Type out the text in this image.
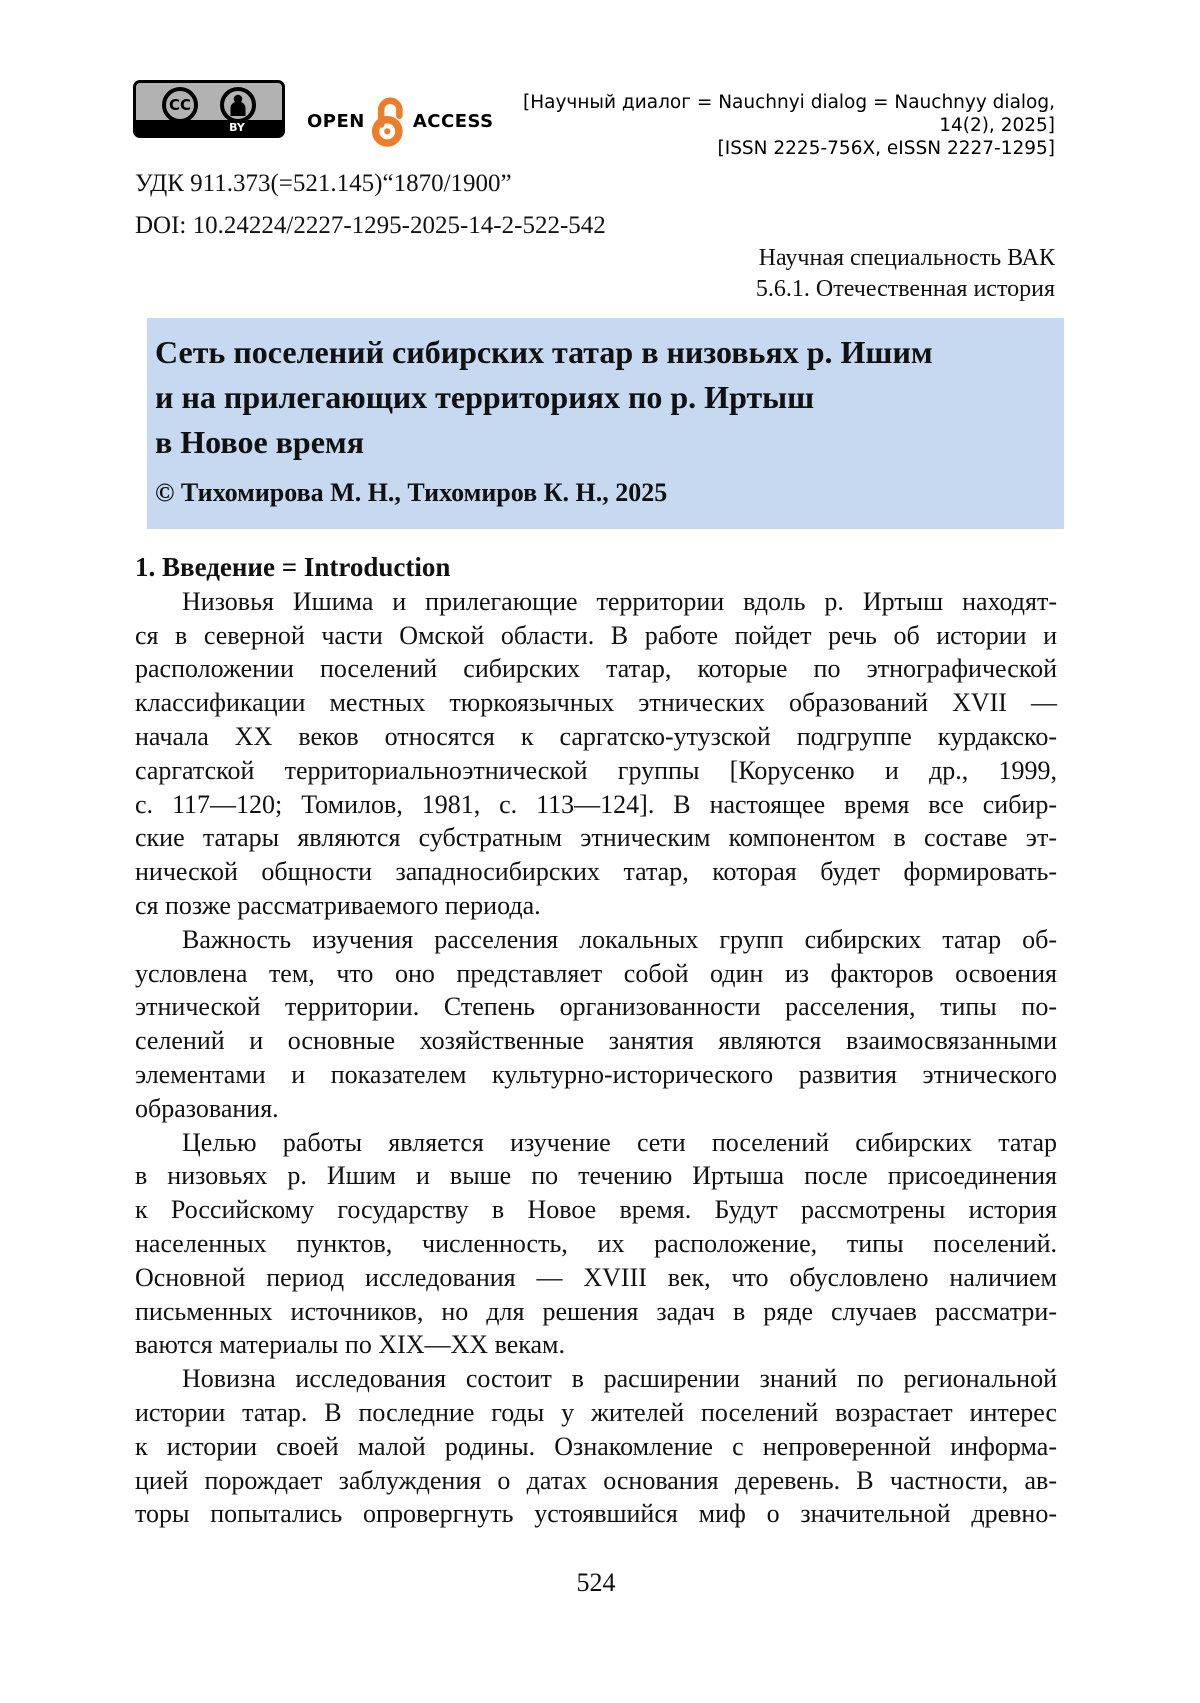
CC
BY	OPEN	ACCESS
[Научный диалог = Nauchnyi dialog = Nauchnyy dialog, 14(2), 2025]
[ISSN 2225-756X, eISSN 2227-1295]
УДК 911.373(=521.145)“1870/1900”
DOI: 10.24224/2227-1295-2025-14-2-522-542
Научная специальность ВАК
5.6.1. Отечественная история
Сеть поселений сибирских татар в низовьях р. Ишим
и на прилегающих территориях по р. Иртыш
в Новое время
© Тихомирова М. Н., Тихомиров К. Н., 2025
1. Введение = Introduction
Низовья Ишима и прилегающие территории вдоль р. Иртыш находят-
ся в северной части Омской области. В работе пойдет речь об истории и
расположении поселений сибирских татар, которые по этнографической
классификации местных тюркоязычных этнических образований XVII —
начала XX веков относятся к саргатско-утузской подгруппе курдакско-
саргатской территориальноэтнической группы [Корусенко и др., 1999,
с. 117—120; Томилов, 1981, с. 113—124]. В настоящее время все сибир-
ские татары являются субстратным этническим компонентом в составе эт-
нической общности западносибирских татар, которая будет формировать-
ся позже рассматриваемого периода.
Важность изучения расселения локальных групп сибирских татар об-
условлена тем, что оно представляет собой один из факторов освоения
этнической территории. Степень организованности расселения, типы по-
селений и основные хозяйственные занятия являются взаимосвязанными
элементами и показателем культурно-исторического развития этнического
образования.
Целью работы является изучение сети поселений сибирских татар
в низовьях р. Ишим и выше по течению Иртыша после присоединения
к Российскому государству в Новое время. Будут рассмотрены история
населенных пунктов, численность, их расположение, типы поселений.
Основной период исследования — XVIII век, что обусловлено наличием
письменных источников, но для решения задач в ряде случаев рассматри-
ваются материалы по XIX—XX векам.
Новизна исследования состоит в расширении знаний по региональной
истории татар. В последние годы у жителей поселений возрастает интерес
к истории своей малой родины. Ознакомление с непроверенной информа-
цией порождает заблуждения о датах основания деревень. В частности, ав-
торы попытались опровергнуть устоявшийся миф о значительной древно-
524
